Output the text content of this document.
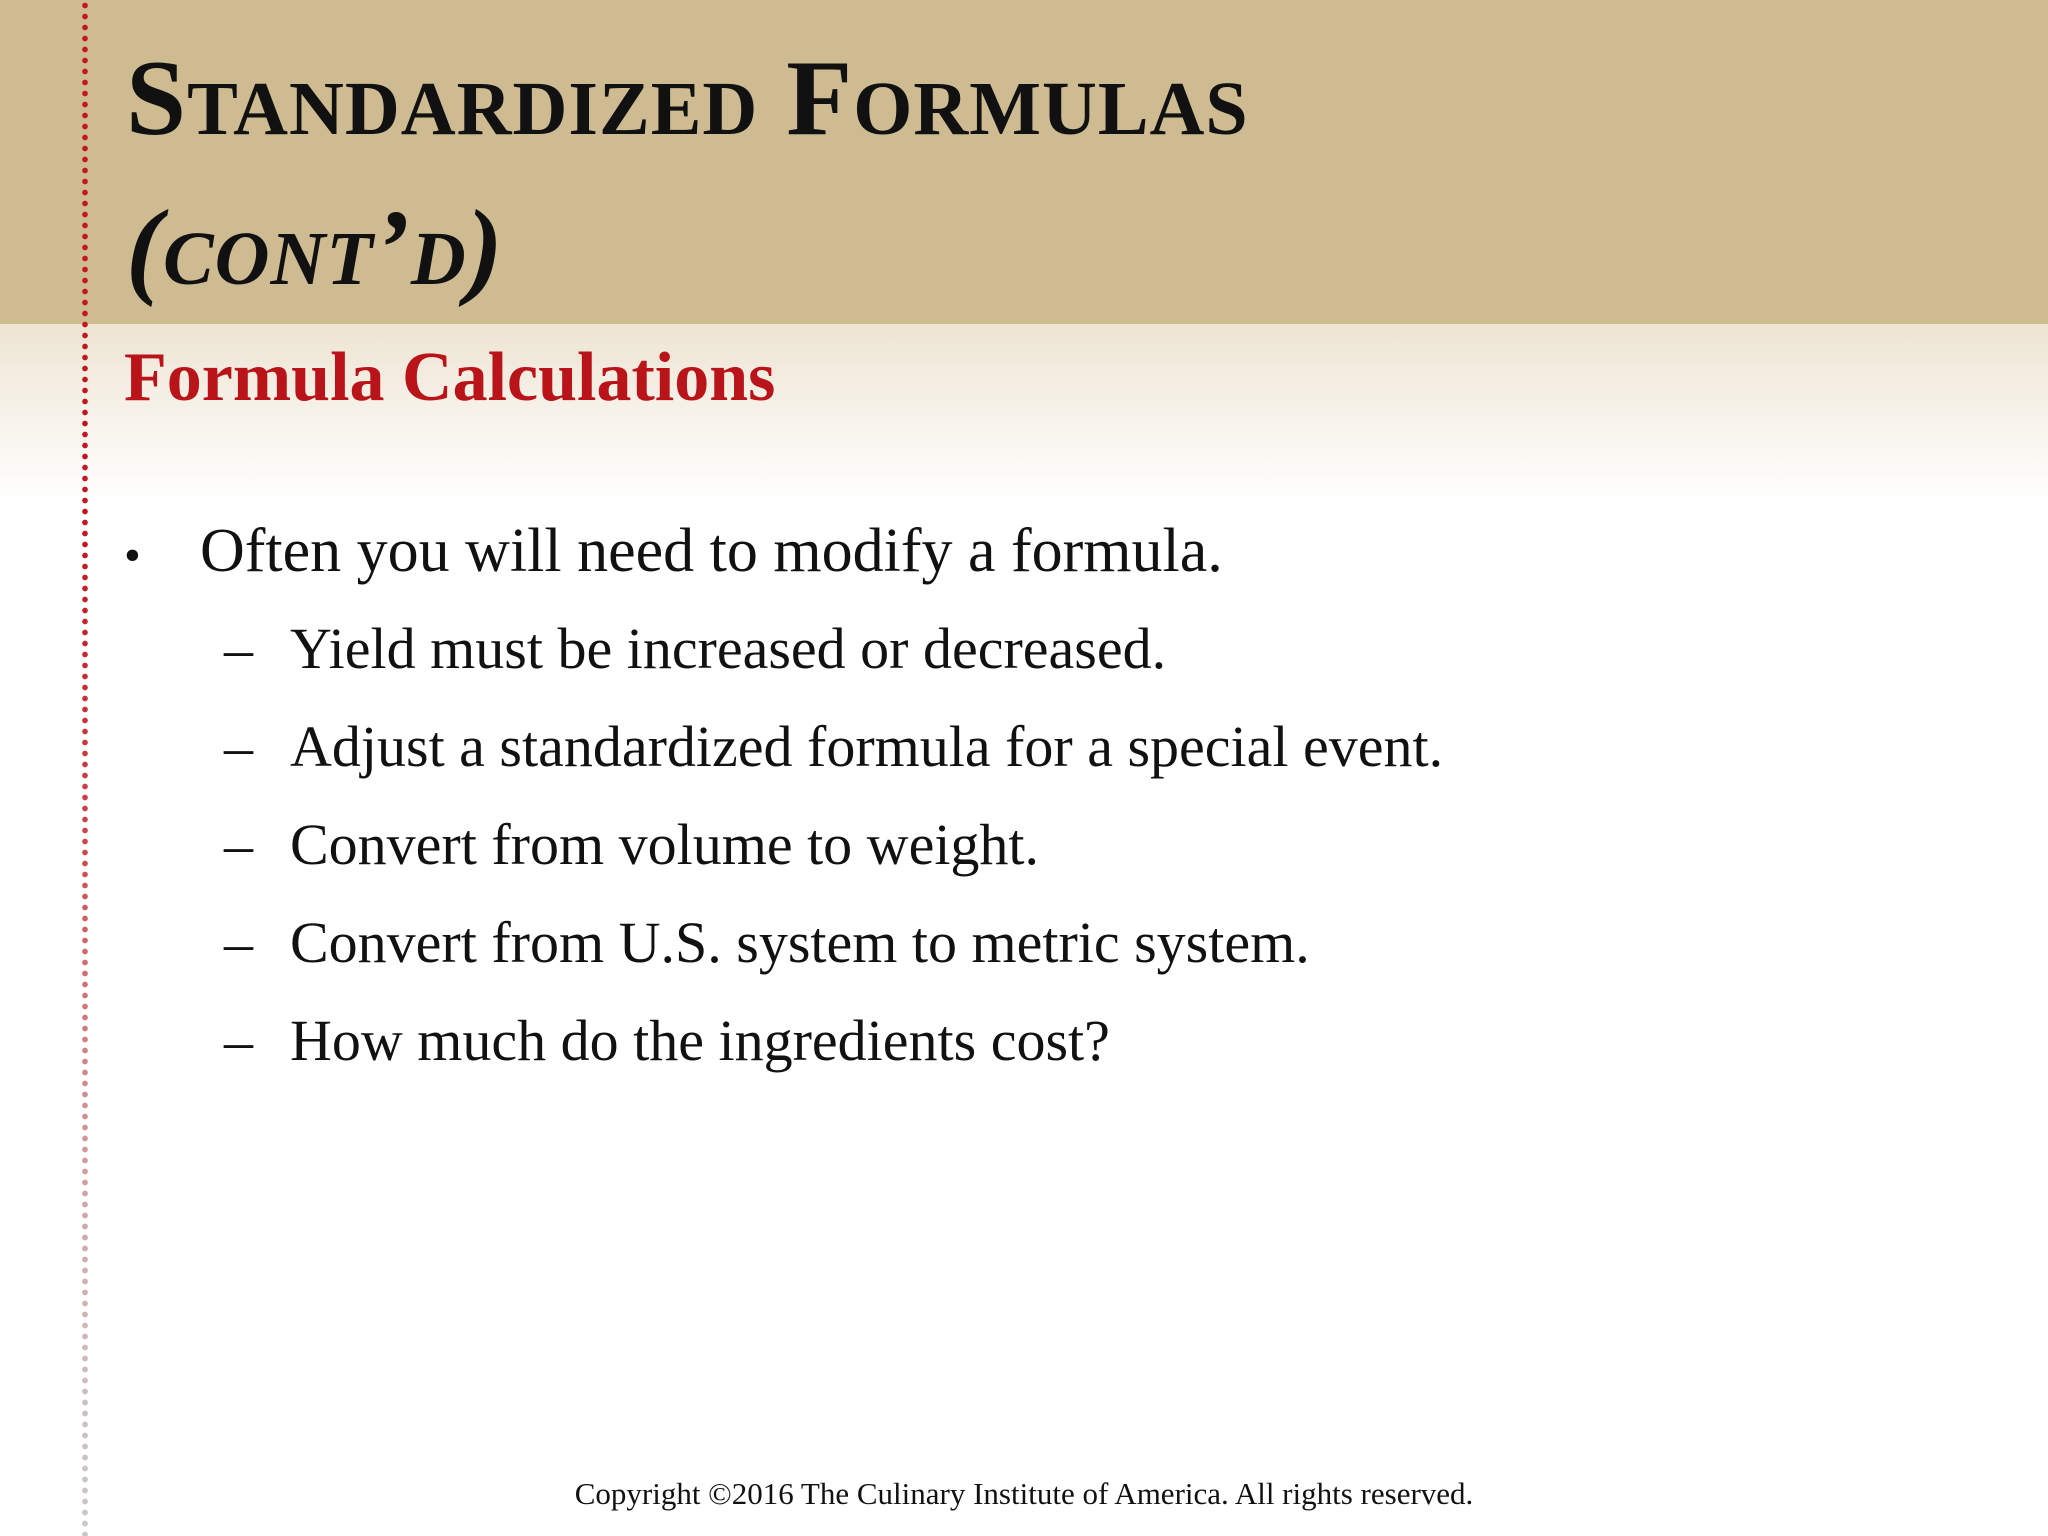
Standardized Formulas
(cont’d)
Formula Calculations
• Often you will need to modify a formula.
– Yield must be increased or decreased.
– Adjust a standardized formula for a special event.
– Convert from volume to weight.
– Convert from U.S. system to metric system.
– How much do the ingredients cost?
Copyright ©2016 The Culinary Institute of America. All rights reserved.
